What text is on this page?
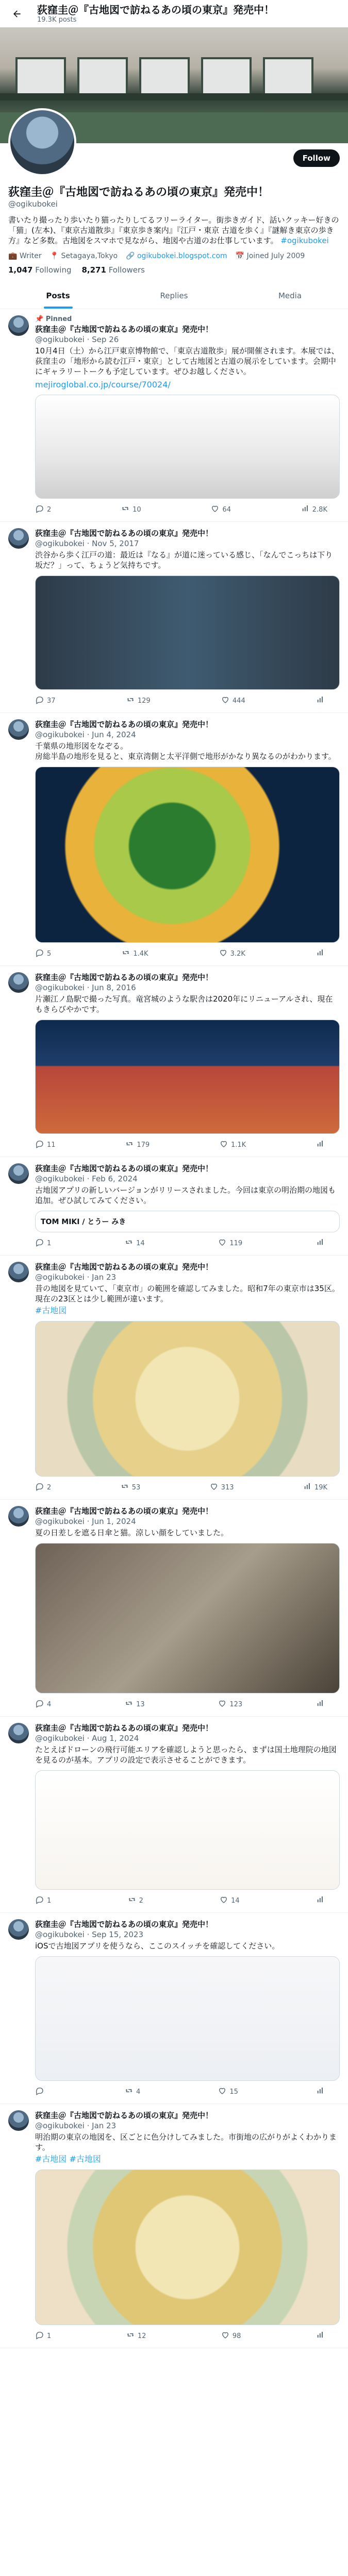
荻窪圭＠『古地図で訪ねるあの頃の東京』発売中！
19.3K posts
Follow
荻窪圭＠『古地図で訪ねるあの頃の東京』発売中！
@ogikubokei
書いたり撮ったり歩いたり猫ったりしてるフリーライター。街歩きガイド、話いクッキー好きの「猫」(左本)、『東京古道散歩』『東京歩き案内』『江戸・東京 古道を歩く』『謎解き東京の歩き方』など多数。古地図をスマホで見ながら、地図や古道のお仕事しています。 #ogikubokei
💼 Writer 📍 Setagaya,Tokyo 🔗 ogikubokei.blogspot.com 📅 Joined July 2009
1,047 Following 8,271 Followers
Posts	Replies	Media
📌 Pinned
荻窪圭＠『古地図で訪ねるあの頃の東京』発売中！
@ogikubokei · Sep 26
10月4日（土）から江戸東京博物館で、「東京古道散歩」展が開催されます。本展では、荻窪圭の「地形から読む江戸・東京」として古地図と古道の展示をしています。会期中にギャラリートークも予定しています。ぜひお越しください。
mejiroglobal.co.jp/course/70024/
2	10	64	2.8K
荻窪圭＠『古地図で訪ねるあの頃の東京』発売中！
@ogikubokei · Nov 5, 2017
渋谷から歩く江戸の道：最近は『なる』が道に迷っている感じ、「なんでこっちは下り坂だ？」って、ちょうど気持ちです。
37	129	444
荻窪圭＠『古地図で訪ねるあの頃の東京』発売中！
@ogikubokei · Jun 4, 2024
千葉県の地形図をなぞる。
房総半島の地形を見ると、東京湾側と太平洋側で地形がかなり異なるのがわかります。
5	1.4K	3.2K
荻窪圭＠『古地図で訪ねるあの頃の東京』発売中！
@ogikubokei · Jun 8, 2016
片瀬江ノ島駅で撮った写真。竜宮城のような駅舎は2020年にリニューアルされ、現在もきらびやかです。
11	179	1.1K
荻窪圭＠『古地図で訪ねるあの頃の東京』発売中！
@ogikubokei · Feb 6, 2024
古地図アプリの新しいバージョンがリリースされました。今回は東京の明治期の地図も追加。ぜひ試してみてください。
TOM MIKI / とうー みき
1	14	119
荻窪圭＠『古地図で訪ねるあの頃の東京』発売中！
@ogikubokei · Jan 23
昔の地図を見ていて、「東京市」の範囲を確認してみました。昭和7年の東京市は35区。現在の23区とは少し範囲が違います。
#古地図
2	53	313	19K
荻窪圭＠『古地図で訪ねるあの頃の東京』発売中！
@ogikubokei · Jun 1, 2024
夏の日差しを遮る日傘と猫。涼しい顔をしていました。
4	13	123
荻窪圭＠『古地図で訪ねるあの頃の東京』発売中！
@ogikubokei · Aug 1, 2024
たとえばドローンの飛行可能エリアを確認しようと思ったら、まずは国土地理院の地図を見るのが基本。アプリの設定で表示させることができます。
1	2	14
荻窪圭＠『古地図で訪ねるあの頃の東京』発売中！
@ogikubokei · Sep 15, 2023
iOSで古地図アプリを使うなら、ここのスイッチを確認してください。
4	15
荻窪圭＠『古地図で訪ねるあの頃の東京』発売中！
@ogikubokei · Jan 23
明治期の東京の地図を、区ごとに色分けしてみました。市街地の広がりがよくわかります。
#古地図 #古地図
1	12	98
